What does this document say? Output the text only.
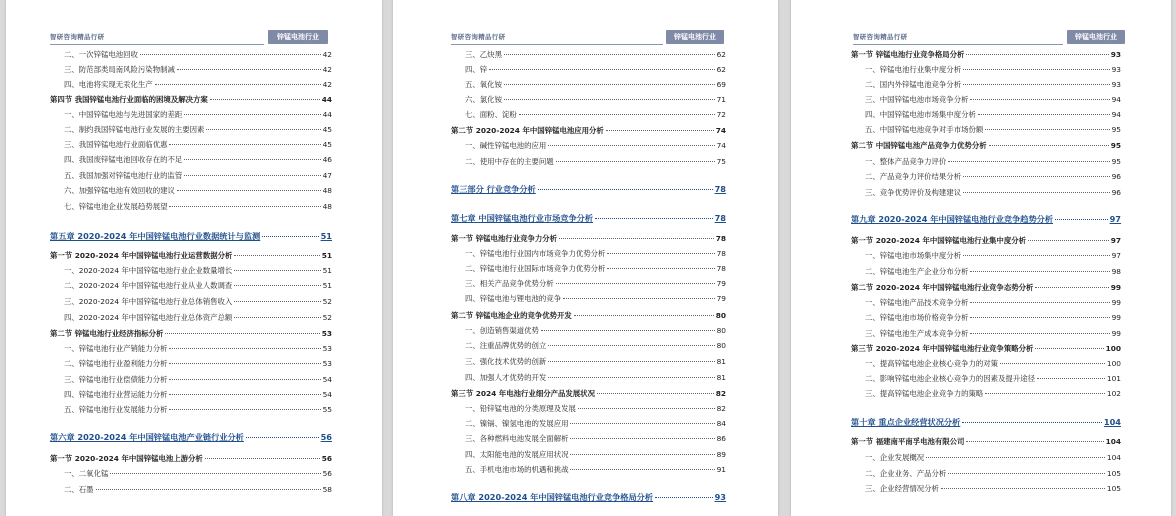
智研咨询精品行研	锌锰电池行业
二、一次锌锰电池回收	42
三、防范部类局南风险污染物制减	42
四、电池将实现无汞化生产	42
第四节 我国锌锰电池行业面临的困境及解决方案	44
一、中国锌锰电池与先进国家的差距	44
二、制约我国锌锰电池行业发展的主要因素	45
三、我国锌锰电池行业面临优惠	45
四、我国废锌锰电池回收存在的不足	46
五、我国加强对锌锰电池行业的监管	47
六、加强锌锰电池有效回收的建议	48
七、锌锰电池企业发展趋势展望	48
第五章 2020-2024 年中国锌锰电池行业数据统计与监测	51
第一节 2020-2024 年中国锌锰电池行业运营数据分析	51
一、2020-2024 年中国锌锰电池行业企业数量增长	51
二、2020-2024 年中国锌锰电池行业从业人数调查	51
三、2020-2024 年中国锌锰电池行业总体销售收入	52
四、2020-2024 年中国锌锰电池行业总体资产总额	52
第二节 锌锰电池行业经济指标分析	53
一、锌锰电池行业产销能力分析	53
二、锌锰电池行业盈利能力分析	53
三、锌锰电池行业偿债能力分析	54
四、锌锰电池行业营运能力分析	54
五、锌锰电池行业发展能力分析	55
第六章 2020-2024 年中国锌锰电池产业链行业分析	56
第一节 2020-2024 年中国锌锰电池上游分析	56
一、二氧化锰	56
二、石墨	58
智研咨询精品行研	锌锰电池行业
三、乙炔黑	62
四、锌	62
五、氧化铵	69
六、氯化铵	71
七、面粉、淀粉	72
第二节 2020-2024 年中国锌锰电池应用分析	74
一、碱性锌锰电池的应用	74
二、使用中存在的主要问题	75
第三部分 行业竞争分析	78
第七章 中国锌锰电池行业市场竞争分析	78
第一节 锌锰电池行业竞争力分析	78
一、锌锰电池行业国内市场竞争力优势分析	78
二、锌锰电池行业国际市场竞争力优势分析	78
三、相关产品竞争优势分析	79
四、锌锰电池与锂电池的竞争	79
第二节 锌锰电池企业的竞争优势开发	80
一、创造销售渠道优势	80
二、注重品牌优势的创立	80
三、强化技术优势的创新	81
四、加强人才优势的开发	81
第三节 2024 年电池行业细分产品发展状况	82
一、铅锌锰电池的分类原理及发展	82
二、镍镉、镍氢电池的发展应用	84
三、各种燃料电池发展全面解析	86
四、太阳能电池的发展应用状况	89
五、手机电池市场的机遇和挑战	91
第八章 2020-2024 年中国锌锰电池行业竞争格局分析	93
智研咨询精品行研	锌锰电池行业
第一节 锌锰电池行业竞争格局分析	93
一、锌锰电池行业集中度分析	93
二、国内外锌锰电池竞争分析	93
三、中国锌锰电池市场竞争分析	94
四、中国锌锰电池市场集中度分析	94
五、中国锌锰电池竞争对手市场份额	95
第二节 中国锌锰电池产品竞争力优势分析	95
一、整体产品竞争力评价	95
二、产品竞争力评价结果分析	96
三、竞争优势评价及构建建议	96
第九章 2020-2024 年中国锌锰电池行业竞争趋势分析	97
第一节 2020-2024 年中国锌锰电池行业集中度分析	97
一、锌锰电池市场集中度分析	97
二、锌锰电池生产企业分布分析	98
第二节 2020-2024 年中国锌锰电池行业竞争态势分析	99
一、锌锰电池产品技术竞争分析	99
二、锌锰电池市场价格竞争分析	99
三、锌锰电池生产成本竞争分析	99
第三节 2020-2024 年中国锌锰电池行业竞争策略分析	100
一、提高锌锰电池企业核心竞争力的对策	100
二、影响锌锰电池企业核心竞争力的因素及提升途径	101
三、提高锌锰电池企业竞争力的策略	102
第十章 重点企业经营状况分析	104
第一节 福建南平南孚电池有限公司	104
一、企业发展概况	104
二、企业业务、产品分析	105
三、企业经营情况分析	105
